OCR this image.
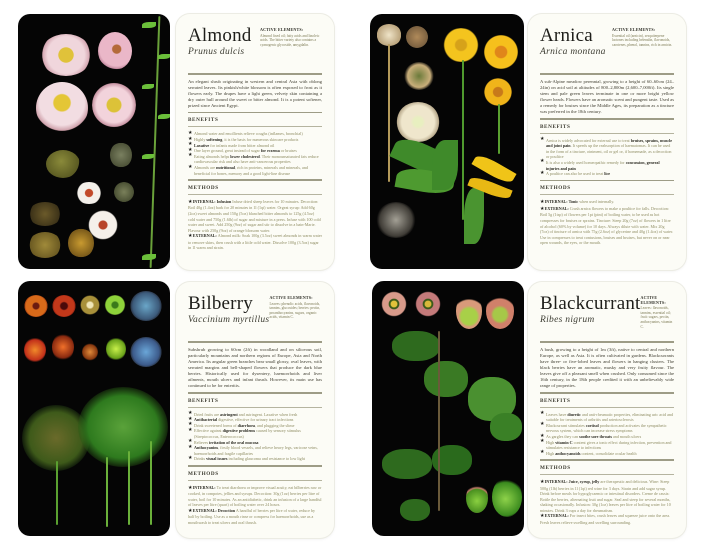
Almond
Prunus dulcis
ACTIVE ELEMENTS:
Almond fixed oil; fatty acids and linoleic acids. The bitter variety also contains a cyanogenic glycoside, amygdalin.
An elegant shrub originating in western and central Asia with oblong serrated leaves. Its pinkish/white blossom is often exposed to frost as it flowers early. The drupes have a light green, velvety skin containing a dry outer hull around the sweet or bitter almond. It is a potent softener, prized since Ancient Egypt.
BENEFITS
★ Almond water and emollients relieve coughs (inflames, bronchial)
★ Highly softening, it is the basis for numerous skincare products
★ Laxative for infants made from bitter almond oil
★ One layer ground, great instead of sugar for eczema or bruises
★ Eating almonds helps lower cholesterol. Their monounsaturated fats reduce cardiovascular risk and also have anti-cancerous properties
★ Almonds are nutritional, rich in proteins, minerals and minerals, and beneficial for bones, memory and a good light-line disease
METHODS
★INTERNAL: Infusion Infuse dried sheep leaves for 10 minutes. Decoction: Boil 40g (1.4oz) bark for 20 minutes in 1l (1qt) water. Orgeat syrup: Add 60g (2oz) sweet almonds and 150g (5oz) blanched bitter almonds to 125g (4.5oz) cold water and 750g (1.6lb) of sugar and mixture in a press. Infuse with 100 cold water and sweet. Add 250g (9oz) of sugar and stir to dissolve in a bain-Marie. Flavour with 250g (9oz) of orange blossom water.
★EXTERNAL: Almond milk: Soak 100g (3.5oz) sweet almonds in warm water to remove skins, then crush with a little cold water. Dissolve 100g (3.5oz) sugar in 1l warm and strain.
Arnica
Arnica montana
ACTIVE ELEMENTS:
Essential oil (arnicin), sesquiterpene lactones including helenalin, flavonoids, carotenes, phenol, tannins, rich in arnicin.
A sub-Alpine meadow perennial, growing to a height of 60–60cm (24–24in) on acid soil at altitudes of 800–2,800m (2,600–7,000ft). Its single stem and pale green leaves terminate in one or more bright yellow flower heads. Flowers have an aromatic scent and pungent taste. Used as a remedy for bruises since the Middle Ages, its preparation as a tincture was preferred in the 18th century.
BENEFITS
★ Arnica is widely advocated for external use to treat bruises, sprains, muscle and joint pain. It speeds up the reabsorption of haematomas. It can be used in the form of a tincture, ointment, oil or gel or, if homemade, as a decoction or poultice
★ It is also a widely used homeopathic remedy for concussion, general injuries and pain
★ A poultice can also be used to treat lice
METHODS
★INTERNAL: Tonic when used internally.
★EXTERNAL: Crush arnica flowers to make a poultice for falls. Decoction: Boil 5g (1tsp) of flowers per 1pt (pint) of boiling water, to be used as hot compresses for bruises or sprains. Tincture: Steep 20g (7oz) of flowers in 1 litre of alcohol (60% by volume) for 10 days. Always dilute with water. Mix 20g (7oz) of tincture of arnica with 75g (2.6oz) of glycerine and 40g (1.4oz) of water. Use in compresses to treat contusions, bruises and bruises, but never on or near open wounds, the eyes, or the mouth.
Bilberry
Vaccinium myrtillus
ACTIVE ELEMENTS:
Leaves: phenolic acids, flavonoids, tannins, glucosides; berries: pectin, proanthocyanins, sugars, organic acids, vitamin C.
Subshrub growing to 60cm (2ft) in woodland and on siliceous soil, particularly mountains and northern regions of Europe, Asia and North America. Its angular green branches bear small glossy, oval leaves, with serrated margins and bell-shaped flowers that produce the dark blue berries. Historically used for dysentery, haemorrhoids and liver ailments, mouth ulcers and infant thrush. However, its main use has continued to be for enteritis.
BENEFITS
★ Dried fruits are astringent and astringent. Laxative when fresh
★ Antibacterial digestive, effective for urinary tract infections
★ Drink sweetened forms of diarrhoea, and plugging the slime
★ Effective against digestive problems caused by sensory stimulus (Streptococcus, Enterococcus)
★ Relieves irritation of the oral mucosa
★ Anthocyanins, firstly blood vessels, and relieve heavy legs, varicose veins, haemorrhoids and fragile capillaries
★ Drinks visual issues including glaucoma and resistance to low light
METHODS
★INTERNAL: To treat diarrhoea or improve visual acuity, eat bilberries raw or cooked, in compotes, jellies and syrups. Decoction: 30g (1oz) berries per litre of water, boil for 10 minutes. As an antidiabetic, drink an infusion of a large handful of leaves per litre (quart) of boiling water over 24 hours.
★EXTERNAL: Decoction A handful of berries per litre of water, reduce by half by boiling. Use as a mouth rinse or compress for haemorrhoids, use as a mouthwash to treat ulcers and oral thrush.
Blackcurrant
Ribes nigrum
ACTIVE ELEMENTS:
Leaves: flavonoids, tannins, essential oil; fruit: sugars, pectin, anthocyanins, vitamin C.
A bush, growing to a height of 1m (3ft), native to central and northern Europe, as well as Asia. It is often cultivated in gardens. Blackcurrants have three- or five-lobed leaves and flowers in hanging clusters. The black berries have an aromatic, musky and very fruity flavour. The leaves give off a pleasant smell when crushed. Only consumed since the 16th century, in the 18th people credited it with an unbelievably wide range of properties.
BENEFITS
★ Leaves have diuretic and anti-rheumatic properties, eliminating uric acid and suitable for treatments of arthritis and arteriosclerosis
★ Blackcurrant stimulates cortisol production and activates the sympathetic nervous system, which can increase stress symptoms
★ As gargles they can soothe sore throats and mouth ulcers
★ High vitamin C content gives a tonic effect during infection, prevention and stimulates resistance to infections
★ High anthocyanoids content, consolidate ocular health
METHODS
★INTERNAL: Juice, syrup, jelly are therapeutic and delicious. Wine: Steep 500g (1lb) berries in 1l (1qt) red wine for 3 days. Strain and add sugar syrup. Drink before meals for hypoglycaemic or intestinal disorders. Creme de cassis: Bottle the berries, alternating fruit and sugar. Seal and steep for several months, shaking occasionally. Infusion: 30g (1oz) leaves per litre of boiling water for 10 minutes. Drink 3 cups a day for rheumatism.
★EXTERNAL: For insect bites, crush leaves and squeeze juice onto the area. Fresh leaves relieve swelling and swelling surrounding.
